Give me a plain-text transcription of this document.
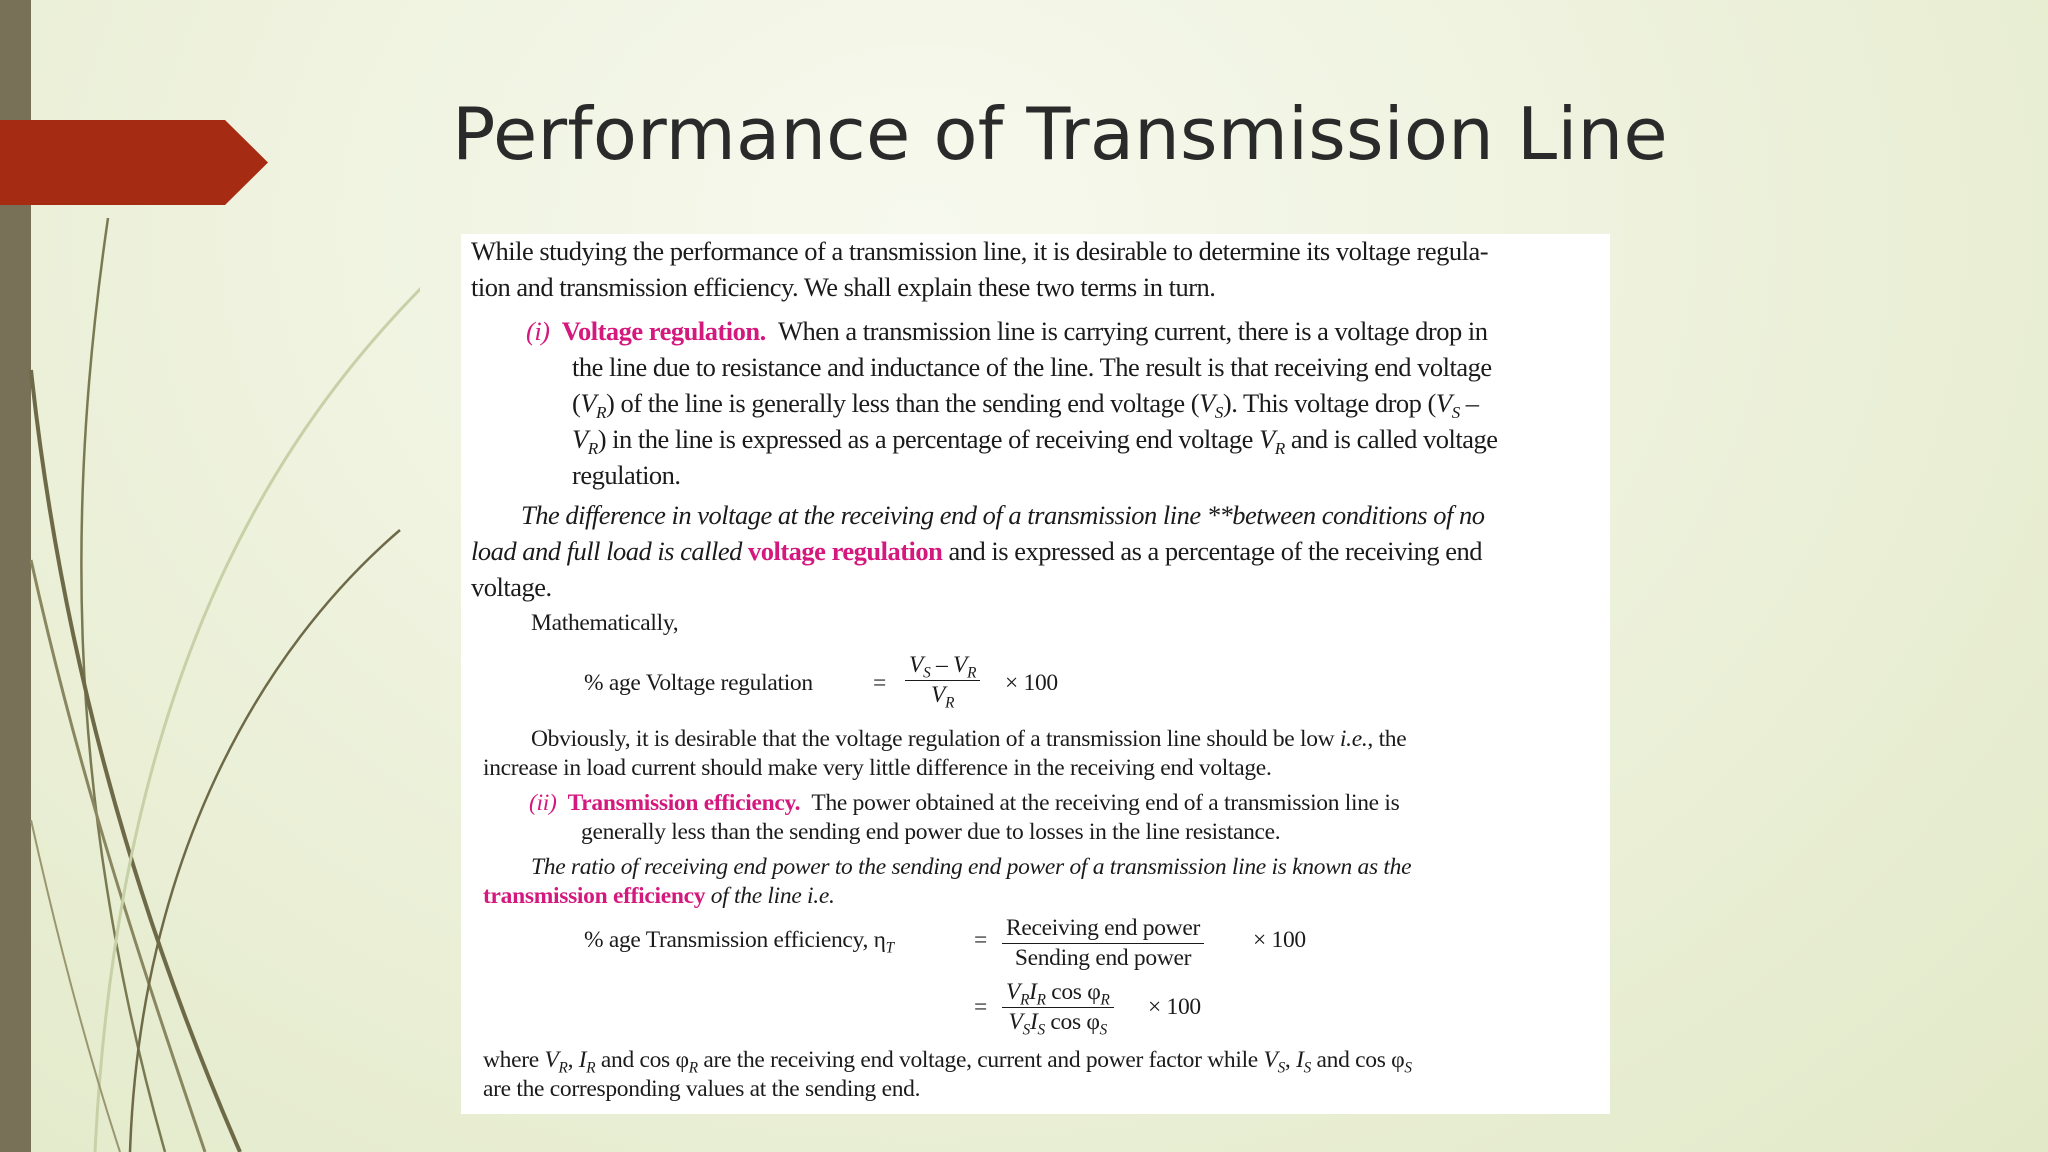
Performance of Transmission Line
While studying the performance of a transmission line, it is desirable to determine its voltage regula-
tion and transmission efficiency. We shall explain these two terms in turn.
(i) Voltage regulation. When a transmission line is carrying current, there is a voltage drop in
the line due to resistance and inductance of the line. The result is that receiving end voltage
$(V_R)$ of the line is generally less than the sending end voltage $(V_S)$. This voltage drop ($V_S$ –
$V_R$) in the line is expressed as a percentage of receiving end voltage $V_R$ and is called voltage
regulation.
The difference in voltage at the receiving end of a transmission line **between conditions of no
load and full load is called voltage regulation and is expressed as a percentage of the receiving end
voltage.
Mathematically,
% age Voltage regulation	= $\frac{V_S - V_R}{V_R} \times 100$
Obviously, it is desirable that the voltage regulation of a transmission line should be low i.e., the
increase in load current should make very little difference in the receiving end voltage.
(ii) Transmission efficiency. The power obtained at the receiving end of a transmission line is
generally less than the sending end power due to losses in the line resistance.
The ratio of receiving end power to the sending end power of a transmission line is known as the
transmission efficiency of the line i.e.
% age Transmission efficiency, $\eta_T$	= Receiving end power
Sending end power
× 100
=
$V_RI_R$ $\cos \varphi_R$
$V_SI_S$ $\cos \varphi_S$
× 100
where $V_R$, $I_R$ and $\cos \varphi_R$ are the receiving end voltage, current and power factor while $V_S$, $I_S$ and $\cos \varphi_S$
are the corresponding values at the sending end.
